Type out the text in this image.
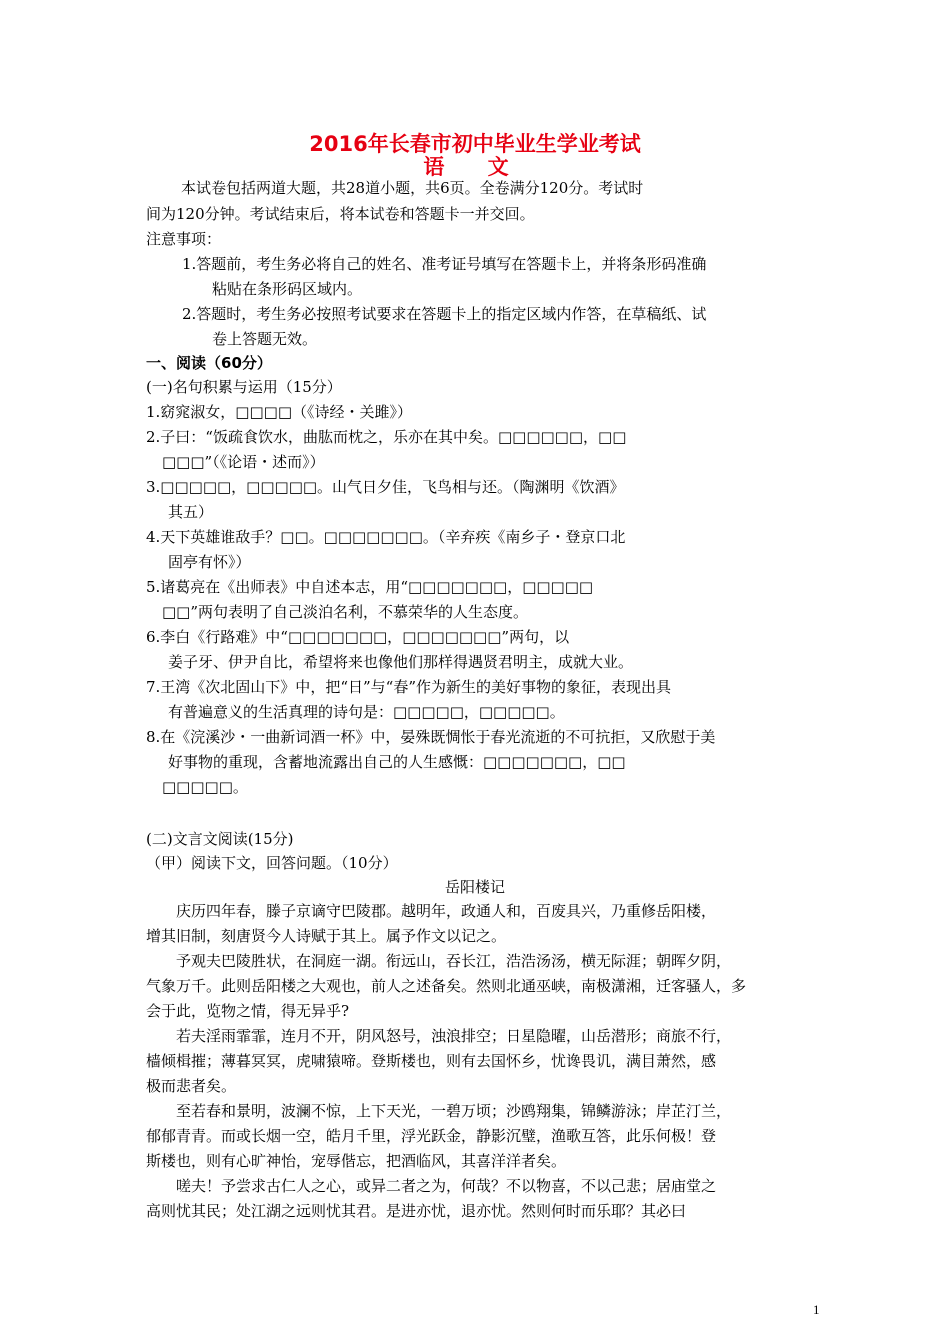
2016年长春市初中毕业生学业考试
语 文
本试卷包括两道大题，共28道小题，共6页。全卷满分120分。考试时
间为120分钟。考试结束后，将本试卷和答题卡一并交回。
注意事项：
1.答题前，考生务必将自己的姓名、准考证号填写在答题卡上，并将条形码准确
粘贴在条形码区域内。
2.答题时，考生务必按照考试要求在答题卡上的指定区域内作答，在草稿纸、试
卷上答题无效。
一、阅读（60分）
(一)名句积累与运用（15分）
1.窈窕淑女，□□□□（《诗经・关雎》）
2.子曰：“饭疏食饮水，曲肱而枕之，乐亦在其中矣。□□□□□□，□□
□□□”（《论语・述而》）
3.□□□□□，□□□□□。山气日夕佳，飞鸟相与还。（陶渊明《饮酒》
其五）
4.天下英雄谁敌手？□□。□□□□□□□。（辛弃疾《南乡子・登京口北
固亭有怀》）
5.诸葛亮在《出师表》中自述本志，用“□□□□□□□，□□□□□
□□”两句表明了自己淡泊名利，不慕荣华的人生态度。
6.李白《行路难》中“□□□□□□□，□□□□□□□”两句，以
姜子牙、伊尹自比，希望将来也像他们那样得遇贤君明主，成就大业。
7.王湾《次北固山下》中，把“日”与“春”作为新生的美好事物的象征，表现出具
有普遍意义的生活真理的诗句是：□□□□□，□□□□□。
8.在《浣溪沙・一曲新词酒一杯》中，晏殊既惆怅于春光流逝的不可抗拒，又欣慰于美
好事物的重现，含蓄地流露出自己的人生感慨：□□□□□□□，□□
□□□□□。
(二)文言文阅读(15分)
（甲）阅读下文，回答问题。（10分）
岳阳楼记
庆历四年春，滕子京谪守巴陵郡。越明年，政通人和，百废具兴，乃重修岳阳楼，
增其旧制，刻唐贤今人诗赋于其上。属予作文以记之。
予观夫巴陵胜状，在洞庭一湖。衔远山，吞长江，浩浩汤汤，横无际涯；朝晖夕阴，
气象万千。此则岳阳楼之大观也，前人之述备矣。然则北通巫峡，南极潇湘，迁客骚人，多
会于此，览物之情，得无异乎?
若夫淫雨霏霏，连月不开，阴风怒号，浊浪排空；日星隐曜，山岳潜形；商旅不行，
樯倾楫摧；薄暮冥冥，虎啸猿啼。登斯楼也，则有去国怀乡，忧谗畏讥，满目萧然，感
极而悲者矣。
至若春和景明，波澜不惊，上下天光，一碧万顷；沙鸥翔集，锦鳞游泳；岸芷汀兰，
郁郁青青。而或长烟一空，皓月千里，浮光跃金，静影沉璧，渔歌互答，此乐何极！登
斯楼也，则有心旷神怡，宠辱偕忘，把酒临风，其喜洋洋者矣。
嗟夫！予尝求古仁人之心，或异二者之为，何哉？不以物喜，不以己悲；居庙堂之
高则忧其民；处江湖之远则忧其君。是进亦忧，退亦忧。然则何时而乐耶？其必曰
1
